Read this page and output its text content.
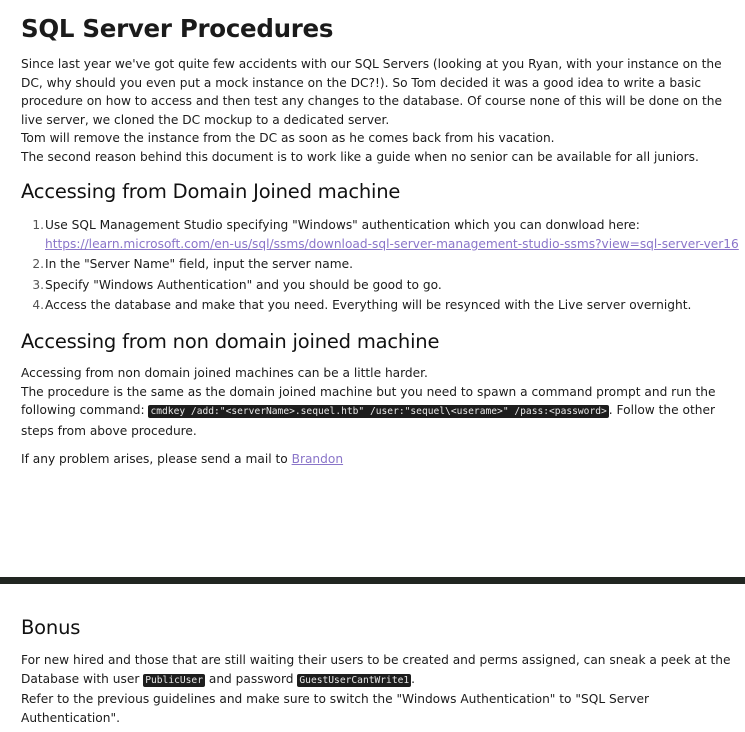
SQL Server Procedures

Since last year we've got quite few accidents with our SQL Servers (looking at you Ryan, with your instance on the DC, why should you even put a mock instance on the DC?!). So Tom decided it was a good idea to write a basic procedure on how to access and then test any changes to the database. Of course none of this will be done on the live server, we cloned the DC mockup to a dedicated server.

Tom will remove the instance from the DC as soon as he comes back from his vacation.

The second reason behind this document is to work like a guide when no senior can be available for all juniors.

Accessing from Domain Joined machine
1. Use SQL Management Studio specifying "Windows" authentication which you can donwload here:
https://learn.microsoft.com/en-us/sql/ssms/download-sql-server-management-studio-ssms?view=sql-server-ver16
2. In the "Server Name" field, input the server name.
3. Specify "Windows Authentication" and you should be good to go.
4. Access the database and make that you need. Everything will be resynced with the Live server overnight.
Accessing from non domain joined machine

Accessing from non domain joined machines can be a little harder.

The procedure is the same as the domain joined machine but you need to spawn a command prompt and run the following command: cmdkey /add:"<serverName>.sequel.htb" /user:"sequel\<userame>" /pass:<password> . Follow the other steps from above procedure.

If any problem arises, please send a mail to Brandon

Bonus

For new hired and those that are still waiting their users to be created and perms assigned, can sneak a peek at the Database with user PublicUser and password GuestUserCantWrite1 .

Refer to the previous guidelines and make sure to switch the "Windows Authentication" to "SQL Server Authentication".
